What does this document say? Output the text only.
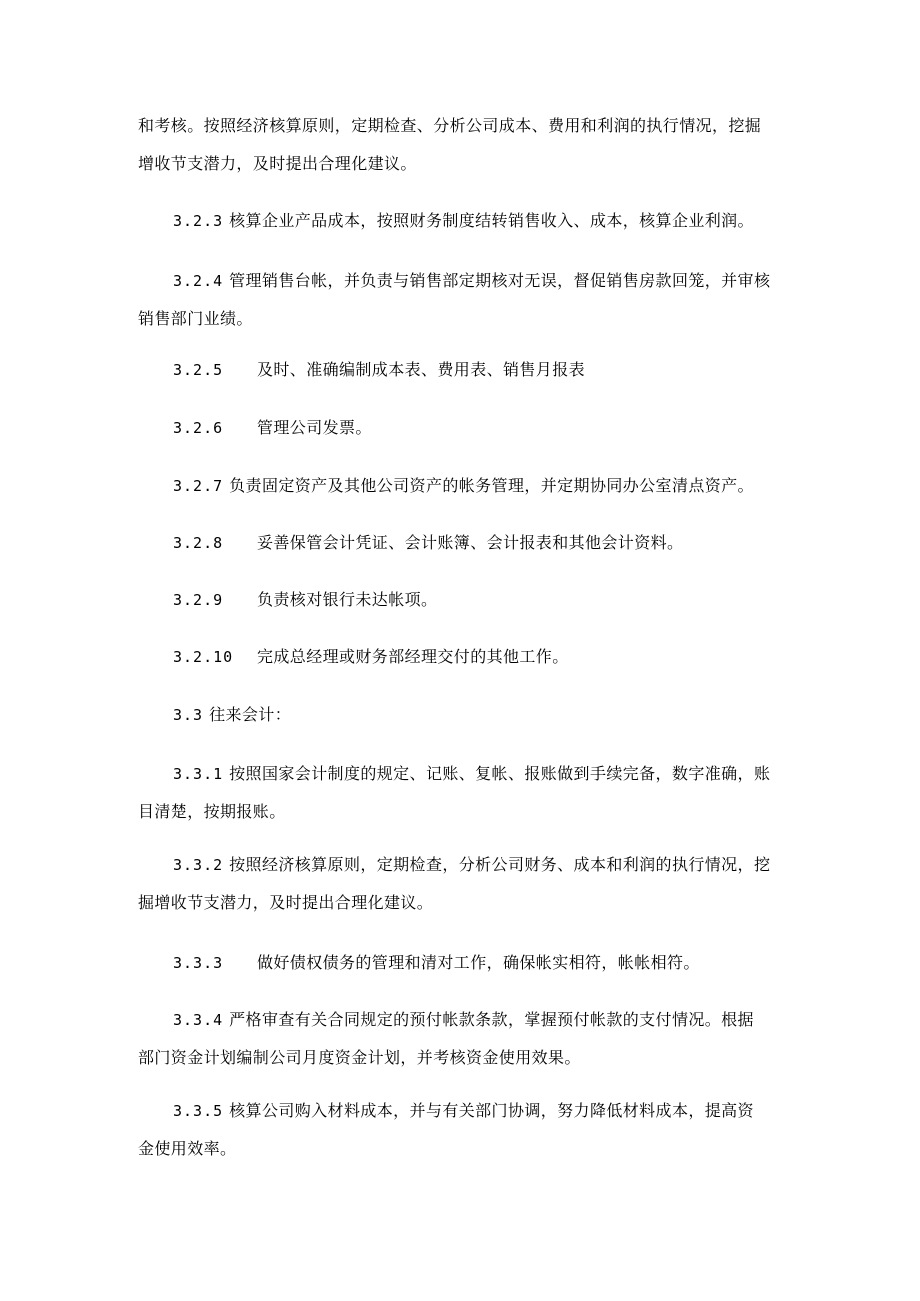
和考核。按照经济核算原则，定期检查、分析公司成本、费用和利润的执行情况，挖掘
增收节支潜力，及时提出合理化建议。
3.2.3 核算企业产品成本，按照财务制度结转销售收入、成本，核算企业利润。
3.2.4 管理销售台帐，并负责与销售部定期核对无误，督促销售房款回笼，并审核
销售部门业绩。
3.2.5 及时、准确编制成本表、费用表、销售月报表
3.2.6 管理公司发票。
3.2.7 负责固定资产及其他公司资产的帐务管理，并定期协同办公室清点资产。
3.2.8 妥善保管会计凭证、会计账簿、会计报表和其他会计资料。
3.2.9 负责核对银行未达帐项。
3.2.10 完成总经理或财务部经理交付的其他工作。
3.3 往来会计：
3.3.1 按照国家会计制度的规定、记账、复帐、报账做到手续完备，数字准确，账
目清楚，按期报账。
3.3.2 按照经济核算原则，定期检查，分析公司财务、成本和利润的执行情况，挖
掘增收节支潜力，及时提出合理化建议。
3.3.3 做好债权债务的管理和清对工作，确保帐实相符，帐帐相符。
3.3.4 严格审查有关合同规定的预付帐款条款，掌握预付帐款的支付情况。根据
部门资金计划编制公司月度资金计划，并考核资金使用效果。
3.3.5 核算公司购入材料成本，并与有关部门协调，努力降低材料成本，提高资
金使用效率。
